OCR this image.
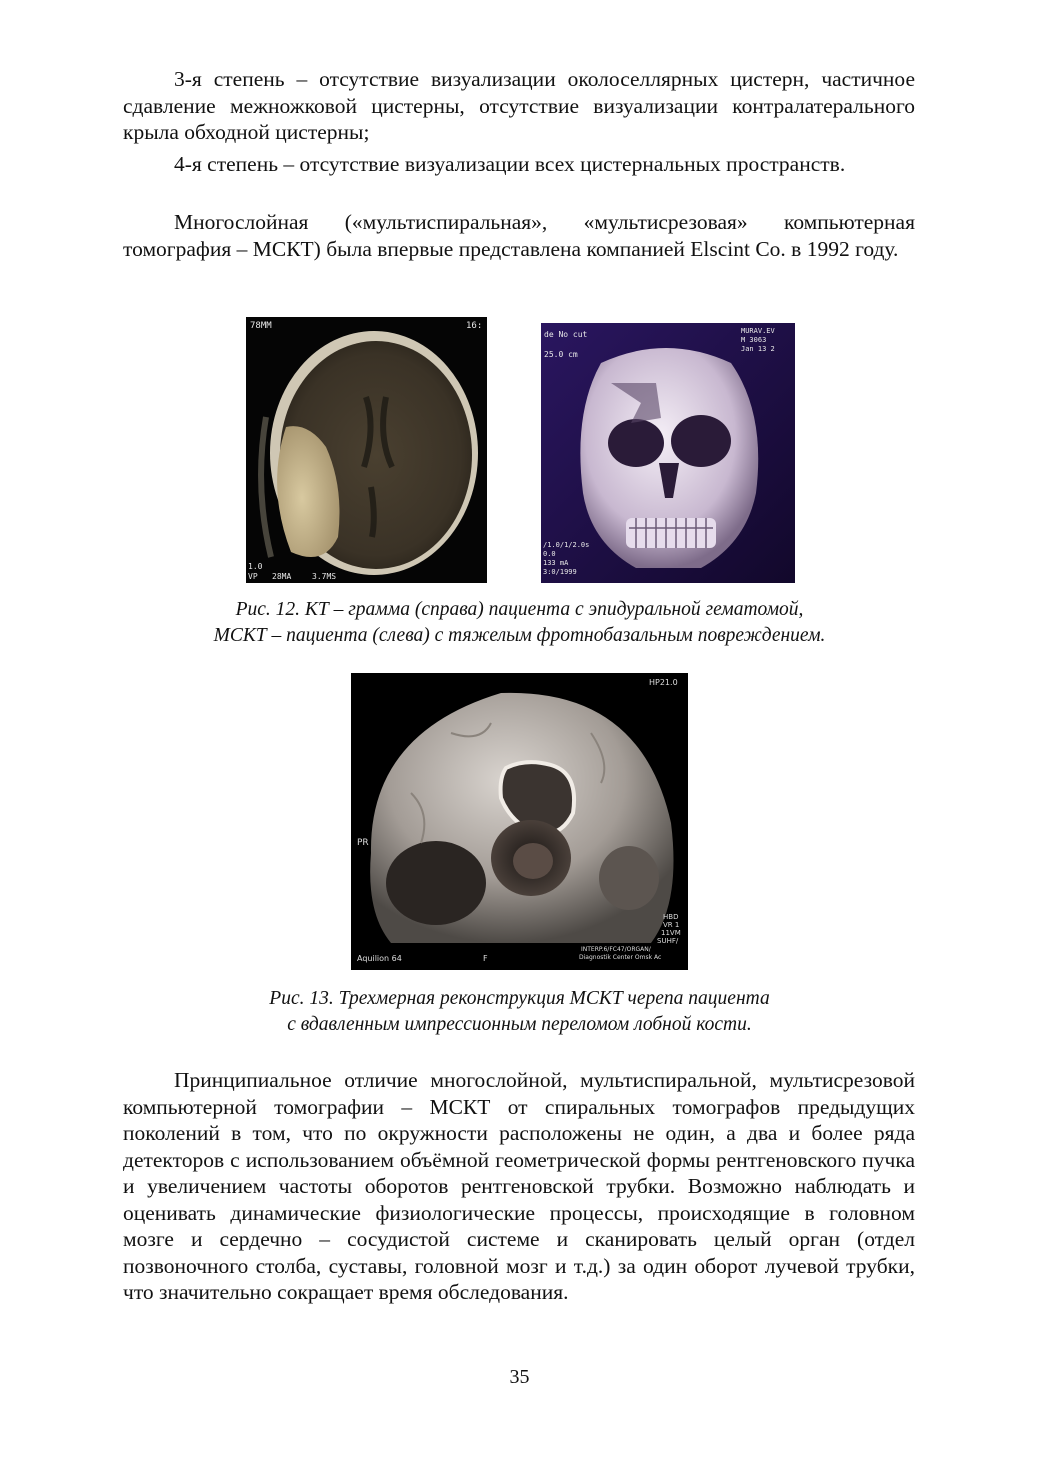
3-я степень – отсутствие визуализации околоселлярных цистерн, частичное сдавление межножковой цистерны, отсутствие визуализации контралатерального крыла обходной цистерны;

4-я степень – отсутствие визуализации всех цистернальных пространств.

Многослойная («мультиспиральная», «мультисрезовая» компьютерная томография – МСКТ) была впервые представлена компанией Elscint Co. в 1992 году.

78MM	16:
1.0
VP 28MA	3.7MS
de No cut	MURAV.EV
M 3063
Jan 13 2
25.0 cm
/1.0/1/2.0s
0.0
133 mA
3:0/1999

Рис. 12. КТ – грамма (справа) пациента с эпидуральной гематомой,
МСКТ – пациента (слева) с тяжелым фротнобазальным повреждением.

HP21.0
PR
Aquilion 64	F
HBD
VR 1
11VM
SUHF/
INTERP.6/FC47/ORGAN/
Diagnostik Center Omsk Ac

Рис. 13. Трехмерная реконструкция МСКТ черепа пациента
с вдавленным импрессионным переломом лобной кости.

Принципиальное отличие многослойной, мультиспиральной, мультисрезовой компьютерной томографии – МСКТ от спиральных томографов предыдущих поколений в том, что по окружности расположены не один, а два и более ряда детекторов с использованием объёмной геометрической формы рентгеновского пучка и увеличением частоты оборотов рентгеновской трубки. Возможно наблюдать и оценивать динамические физиологические процессы, происходящие в головном мозге и сердечно – сосудистой системе и сканировать целый орган (отдел позвоночного столба, суставы, головной мозг и т.д.) за один оборот лучевой трубки, что значительно сокращает время обследования.

35
